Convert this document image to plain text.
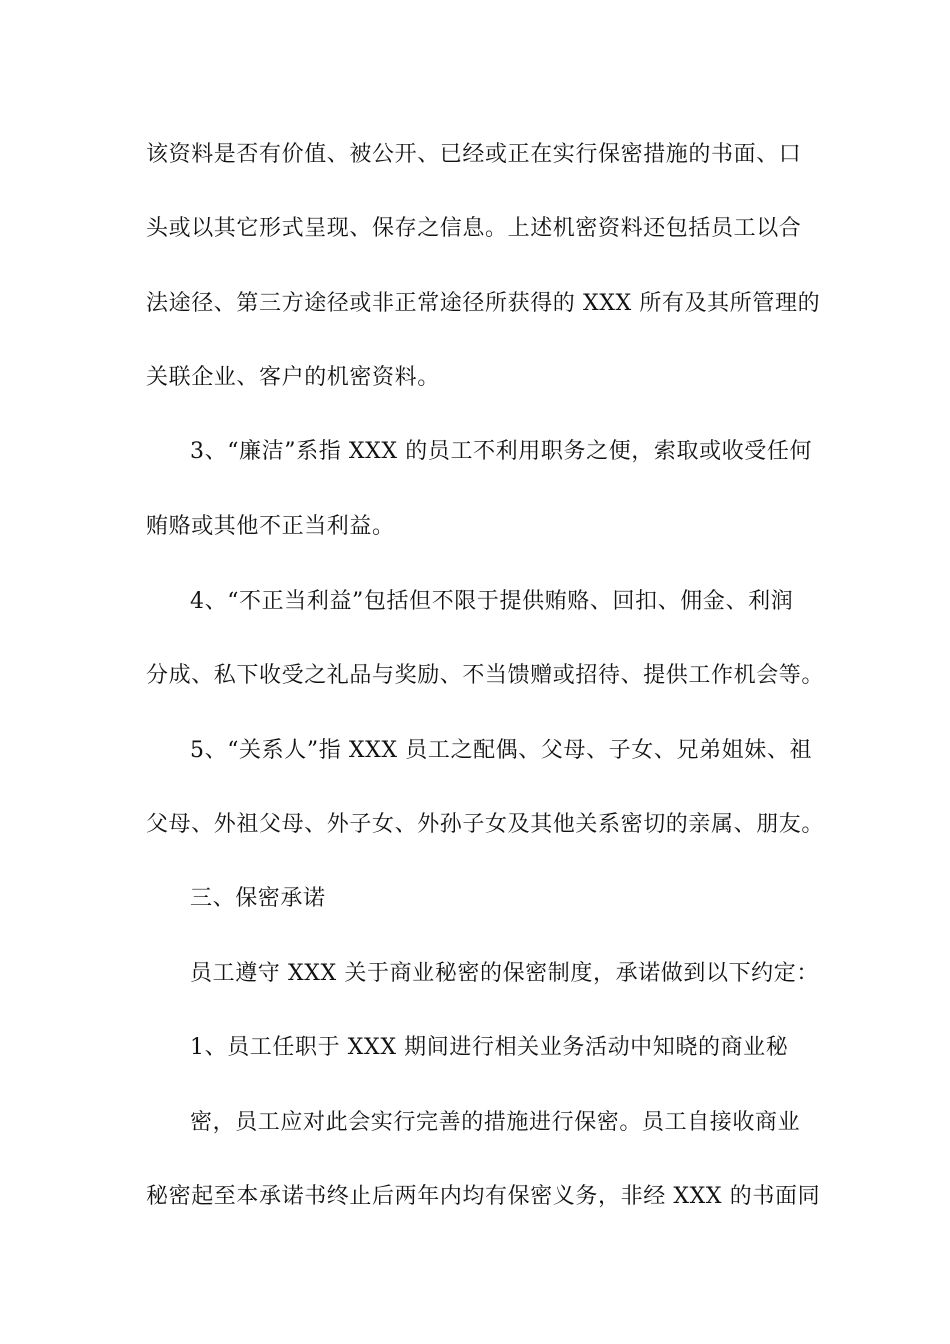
该资料是否有价值、被公开、已经或正在实行保密措施的书面、口
头或以其它形式呈现、保存之信息。上述机密资料还包括员工以合
法途径、第三方途径或非正常途径所获得的 XXX 所有及其所管理的
关联企业、客户的机密资料。
3、“廉洁”系指 XXX 的员工不利用职务之便，索取或收受任何
贿赂或其他不正当利益。
4、“不正当利益”包括但不限于提供贿赂、回扣、佣金、利润
分成、私下收受之礼品与奖励、不当馈赠或招待、提供工作机会等。
5、“关系人”指 XXX 员工之配偶、父母、子女、兄弟姐妹、祖
父母、外祖父母、外子女、外孙子女及其他关系密切的亲属、朋友。
三、保密承诺
员工遵守 XXX 关于商业秘密的保密制度，承诺做到以下约定：
1、员工任职于 XXX 期间进行相关业务活动中知晓的商业秘
密，员工应对此会实行完善的措施进行保密。员工自接收商业
秘密起至本承诺书终止后两年内均有保密义务，非经 XXX 的书面同
